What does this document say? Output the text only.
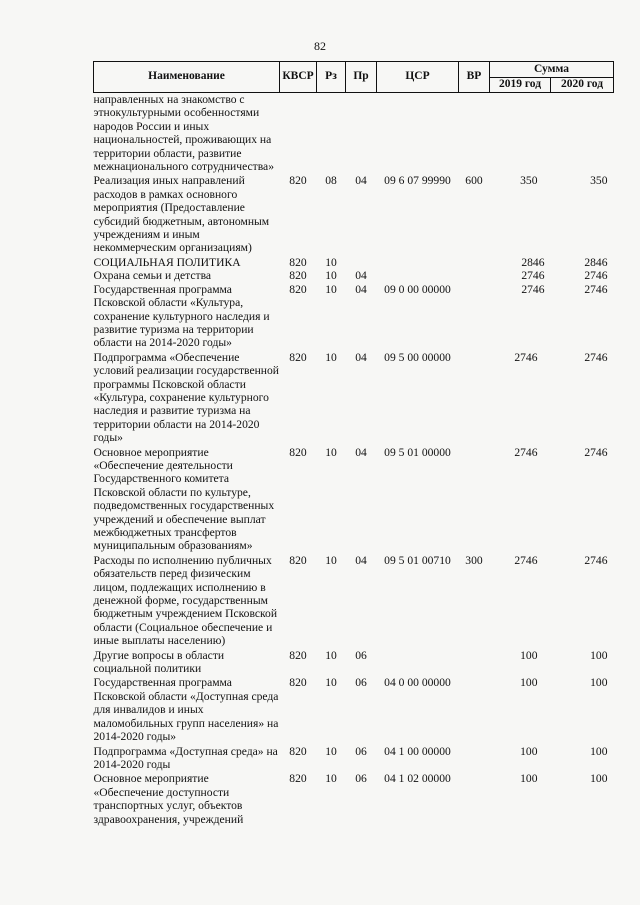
82
Наименование	КВСР	Рз	Пр	ЦСР	ВР	Сумма	
						2019 год	2020 год
направленных на знакомство с этнокультурными особенностями народов России и иных национальностей, проживающих на территории области, развитие межнационального сотрудничества»							
Реализация иных направлений расходов в рамках основного мероприятия (Предоставление субсидий бюджетным, автономным учреждениям и иным некоммерческим организациям)	820	08	04	09 6 07 99990	600	350	350
СОЦИАЛЬНАЯ ПОЛИТИКА	820	10				2846	2846
Охрана семьи и детства	820	10	04			2746	2746
Государственная программа Псковской области «Культура, сохранение культурного наследия и развитие туризма на территории области на 2014-2020 годы»	820	10	04	09 0 00 00000		2746	2746
Подпрограмма «Обеспечение условий реализации государственной программы Псковской области «Культура, сохранение культурного наследия и развитие туризма на территории области на 2014-2020 годы»	820	10	04	09 5 00 00000		2746	2746
Основное мероприятие «Обеспечение деятельности Государственного комитета Псковской области по культуре, подведомственных государственных учреждений и обеспечение выплат межбюджетных трансфертов муниципальным образованиям»	820	10	04	09 5 01 00000		2746	2746
Расходы по исполнению публичных обязательств перед физическим лицом, подлежащих исполнению в денежной форме, государственным бюджетным учреждением Псковской области (Социальное обеспечение и иные выплаты населению)	820	10	04	09 5 01 00710	300	2746	2746
Другие вопросы в области социальной политики	820	10	06			100	100
Государственная программа Псковской области «Доступная среда для инвалидов и иных маломобильных групп населения» на 2014-2020 годы»	820	10	06	04 0 00 00000		100	100
Подпрограмма «Доступная среда» на 2014-2020 годы	820	10	06	04 1 00 00000		100	100
Основное мероприятие «Обеспечение доступности транспортных услуг, объектов здравоохранения, учреждений	820	10	06	04 1 02 00000		100	100
